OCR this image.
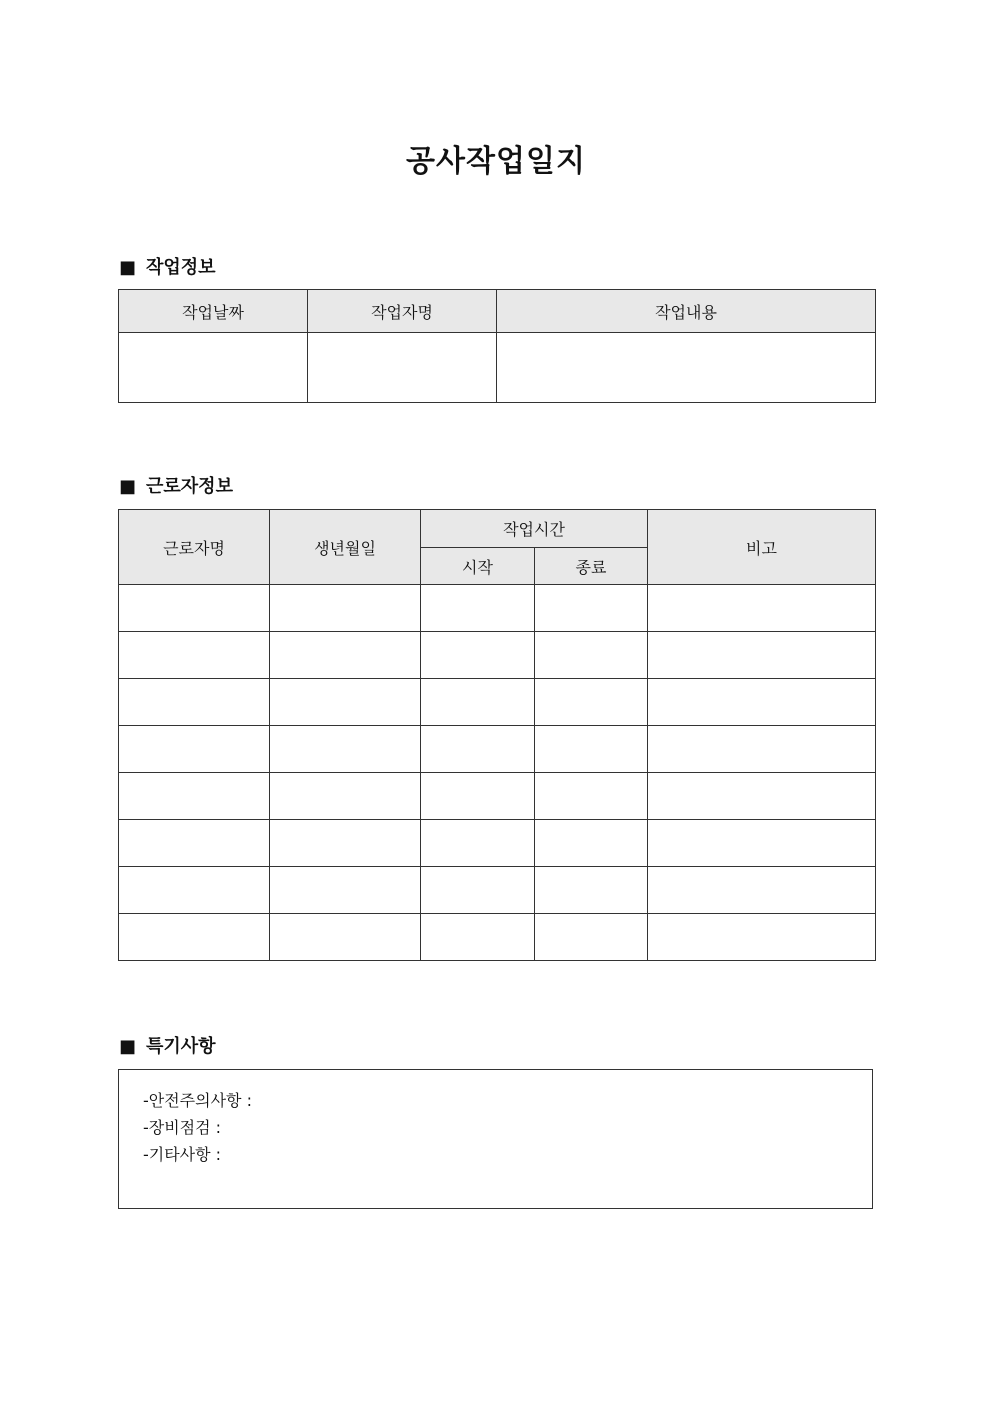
공사작업일지
■ 작업정보
작업날짜	작업자명	작업내용

■ 근로자정보
근로자명	생년월일	작업시간		비고
		시작	종료	

■ 특기사항
-안전주의사항 :
-장비점검 :
-기타사항 :
